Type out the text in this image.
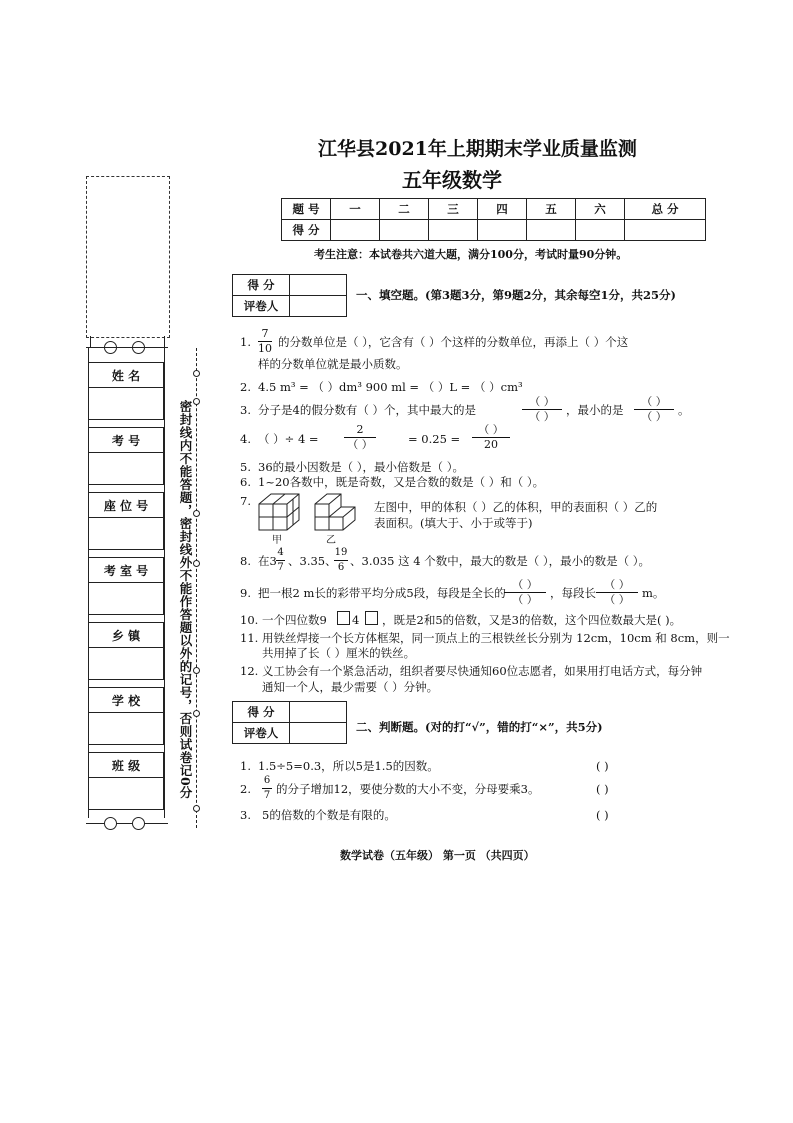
姓 名
考 号
座 位 号
考 室 号
乡 镇
学 校
班 级	密封线内不能答题，密封线外不能作答题以外的记号，否则试卷记0分
江华县2021年上期期末学业质量监测
五年级数学
题 号	一	二	三	四	五	六	总 分
得 分							
考生注意：本试卷共六道大题，满分100分，考试时量90分钟。
得 分	
评卷人	
一、填空题。(第3题3分，第9题2分，其余每空1分，共25分)
1.
7
10 的分数单位是（ ），它含有（ ）个这样的分数单位，再添上（ ）个这
样的分数单位就是最小质数。
2. 4.5 m³ = （ ）dm³ 900 ml = （ ）L = （ ）cm³
3. 分子是4的假分数有（ ）个，其中最大的是
（ ）
（ ） ，最小的是
（ ）
（ ） 。
4. （ ）÷ 4 =
2
（ ）	= 0.25 =
（ ）
20
5. 36的最小因数是（ ），最小倍数是（ ）。
6. 1~20各数中，既是奇数，又是合数的数是（ ）和（ ）。
7.
甲	乙
左图中，甲的体积（ ）乙的体积，甲的表面积（ ）乙的
表面积。(填大于、小于或等于)
8. 在3
4
7 、3.35、
19
6 、3.035 这 4 个数中，最大的数是（ ），最小的数是（ ）。
9. 把一根2 m长的彩带平均分成5段，每段是全长的
（ ）
（ ） ，每段长
（ ）
（ ） m。
10. 一个四位数9 4 ，既是2和5的倍数，又是3的倍数，这个四位数最大是( )。
11. 用铁丝焊接一个长方体框架，同一顶点上的三根铁丝长分别为 12cm，10cm 和 8cm，则一
共用掉了长（ ）厘米的铁丝。
12. 义工协会有一个紧急活动，组织者要尽快通知60位志愿者，如果用打电话方式，每分钟
通知一个人，最少需要（ ）分钟。
得 分	
评卷人		二、判断题。(对的打“√”，错的打“×”，共5分)
1. 1.5÷5=0.3，所以5是1.5的因数。	( )
2.
6
7 的分子增加12，要使分数的大小不变，分母要乘3。	( )
3. 5的倍数的个数是有限的。	( )
数学试卷（五年级） 第一页 （共四页）
